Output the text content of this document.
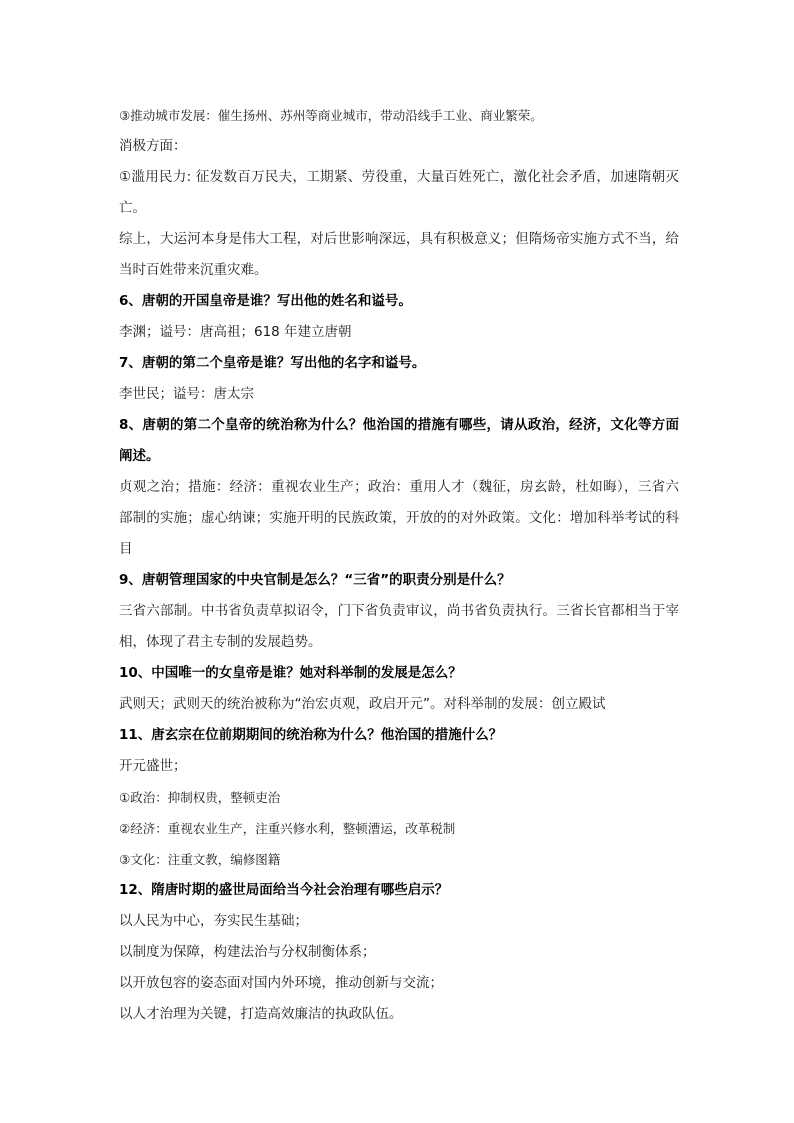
③推动城市发展：催生扬州、苏州等商业城市，带动沿线手工业、商业繁荣。

消极方面：

①滥用民力: 征发数百万民夫，工期紧、劳役重，大量百姓死亡，激化社会矛盾，加速隋朝灭亡。

综上，大运河本身是伟大工程，对后世影响深远，具有积极意义；但隋炀帝实施方式不当，给当时百姓带来沉重灾难。

6、唐朝的开国皇帝是谁？写出他的姓名和谥号。

李渊；谥号：唐高祖；618 年建立唐朝

7、唐朝的第二个皇帝是谁？写出他的名字和谥号。

李世民；谥号：唐太宗

8、唐朝的第二个皇帝的统治称为什么？他治国的措施有哪些，请从政治，经济，文化等方面阐述。

贞观之治；措施：经济：重视农业生产；政治：重用人才（魏征，房玄龄，杜如晦），三省六部制的实施；虚心纳谏；实施开明的民族政策，开放的的对外政策。文化：增加科举考试的科目

9、唐朝管理国家的中央官制是怎么？“三省”的职责分别是什么？

三省六部制。中书省负责草拟诏令，门下省负责审议，尚书省负责执行。三省长官都相当于宰相，体现了君主专制的发展趋势。

10、中国唯一的女皇帝是谁？她对科举制的发展是怎么？

武则天；武则天的统治被称为“治宏贞观，政启开元”。对科举制的发展：创立殿试

11、唐玄宗在位前期期间的统治称为什么？他治国的措施什么？

开元盛世；

①政治：抑制权贵，整顿吏治

②经济：重视农业生产，注重兴修水利，整顿漕运，改革税制

③文化：注重文教，编修图籍

12、隋唐时期的盛世局面给当今社会治理有哪些启示？

以人民为中心，夯实民生基础；

以制度为保障，构建法治与分权制衡体系；

以开放包容的姿态面对国内外环境，推动创新与交流；

以人才治理为关键，打造高效廉洁的执政队伍。
